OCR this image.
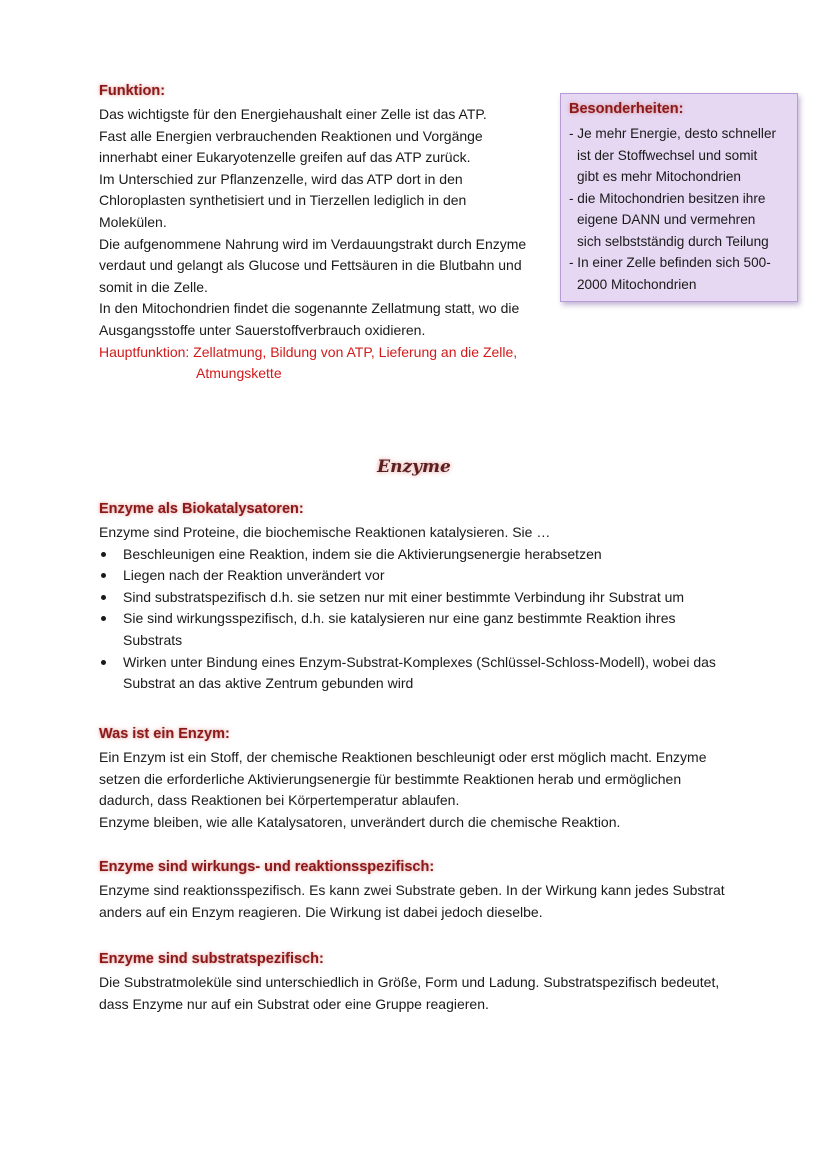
Funktion:

Das wichtigste für den Energiehaushalt einer Zelle ist das ATP.

Fast alle Energien verbrauchenden Reaktionen und Vorgänge

innerhabt einer Eukaryotenzelle greifen auf das ATP zurück.

Im Unterschied zur Pflanzenzelle, wird das ATP dort in den

Chloroplasten synthetisiert und in Tierzellen lediglich in den

Molekülen.

Die aufgenommene Nahrung wird im Verdauungstrakt durch Enzyme

verdaut und gelangt als Glucose und Fettsäuren in die Blutbahn und

somit in die Zelle.

In den Mitochondrien findet die sogenannte Zellatmung statt, wo die

Ausgangsstoffe unter Sauerstoffverbrauch oxidieren.

Hauptfunktion: Zellatmung, Bildung von ATP, Lieferung an die Zelle,

Atmungskette

Besonderheiten:
- Je mehr Energie, desto schneller
ist der Stoffwechsel und somit
gibt es mehr Mitochondrien
- die Mitochondrien besitzen ihre
eigene DANN und vermehren
sich selbstständig durch Teilung
- In einer Zelle befinden sich 500-
2000 Mitochondrien
Enzyme
Enzyme als Biokatalysatoren:
Enzyme sind Proteine, die biochemische Reaktionen katalysieren. Sie …
Beschleunigen eine Reaktion, indem sie die Aktivierungsenergie herabsetzen
Liegen nach der Reaktion unverändert vor
Sind substratspezifisch d.h. sie setzen nur mit einer bestimmte Verbindung ihr Substrat um
Sie sind wirkungsspezifisch, d.h. sie katalysieren nur eine ganz bestimmte Reaktion ihres
Substrats
Wirken unter Bindung eines Enzym-Substrat-Komplexes (Schlüssel-Schloss-Modell), wobei das
Substrat an das aktive Zentrum gebunden wird
Was ist ein Enzym:

Ein Enzym ist ein Stoff, der chemische Reaktionen beschleunigt oder erst möglich macht. Enzyme

setzen die erforderliche Aktivierungsenergie für bestimmte Reaktionen herab und ermöglichen

dadurch, dass Reaktionen bei Körpertemperatur ablaufen.

Enzyme bleiben, wie alle Katalysatoren, unverändert durch die chemische Reaktion.

Enzyme sind wirkungs- und reaktionsspezifisch:

Enzyme sind reaktionsspezifisch. Es kann zwei Substrate geben. In der Wirkung kann jedes Substrat

anders auf ein Enzym reagieren. Die Wirkung ist dabei jedoch dieselbe.

Enzyme sind substratspezifisch:

Die Substratmoleküle sind unterschiedlich in Größe, Form und Ladung. Substratspezifisch bedeutet,

dass Enzyme nur auf ein Substrat oder eine Gruppe reagieren.
